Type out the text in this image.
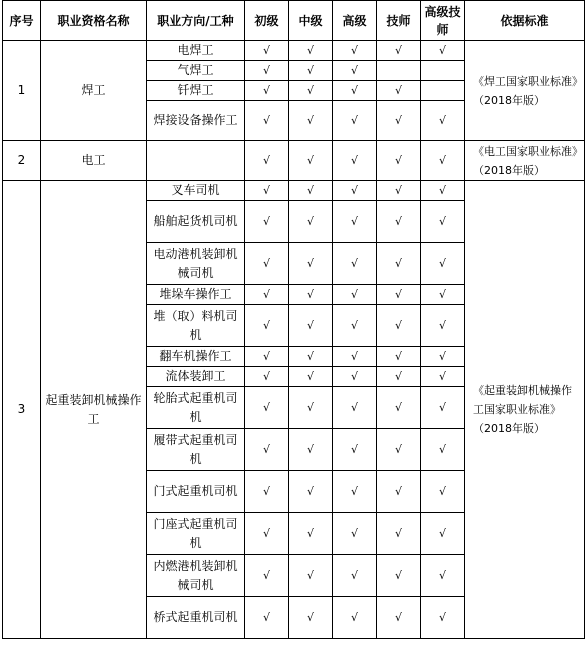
序号	职业资格名称	职业方向/工种	初级	中级	高级	技师	高级技师	依据标准
1	焊工	电焊工	√	√	√	√	√	《焊工国家职业标准》（2018年版）
		气焊工	√	√	√			
		钎焊工	√	√	√	√		
		焊接设备操作工	√	√	√	√	√	
2	电工		√	√	√	√	√	《电工国家职业标准》（2018年版）
3	起重装卸机械操作工	叉车司机	√	√	√	√	√	《起重装卸机械操作工国家职业标准》（2018年版）
		船舶起货机司机	√	√	√	√	√	
		电动港机装卸机械司机	√	√	√	√	√	
		堆垛车操作工	√	√	√	√	√	
		堆（取）料机司机	√	√	√	√	√	
		翻车机操作工	√	√	√	√	√	
		流体装卸工	√	√	√	√	√	
		轮胎式起重机司机	√	√	√	√	√	
		履带式起重机司机	√	√	√	√	√	
		门式起重机司机	√	√	√	√	√	
		门座式起重机司机	√	√	√	√	√	
		内燃港机装卸机械司机	√	√	√	√	√	
		桥式起重机司机	√	√	√	√	√	
